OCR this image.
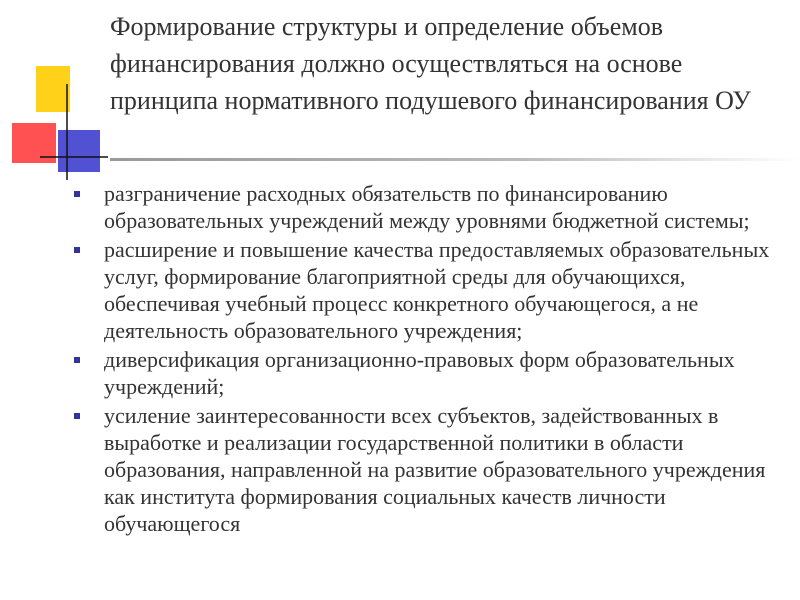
Формирование структуры и определение объемов финансирования должно осуществляться на основе принципа нормативного подушевого финансирования ОУ
разграничение расходных обязательств по финансированию образовательных учреждений между уровнями бюджетной системы;
расширение и повышение качества предоставляемых образовательных услуг, формирование благоприятной среды для обучающихся, обеспечивая учебный процесс конкретного обучающегося, а не деятельность образовательного учреждения;
диверсификация организационно-правовых форм образовательных учреждений;
усиление заинтересованности всех субъектов, задействованных в выработке и реализации государственной политики в области образования, направленной на развитие образовательного учреждения как института формирования социальных качеств личности обучающегося
